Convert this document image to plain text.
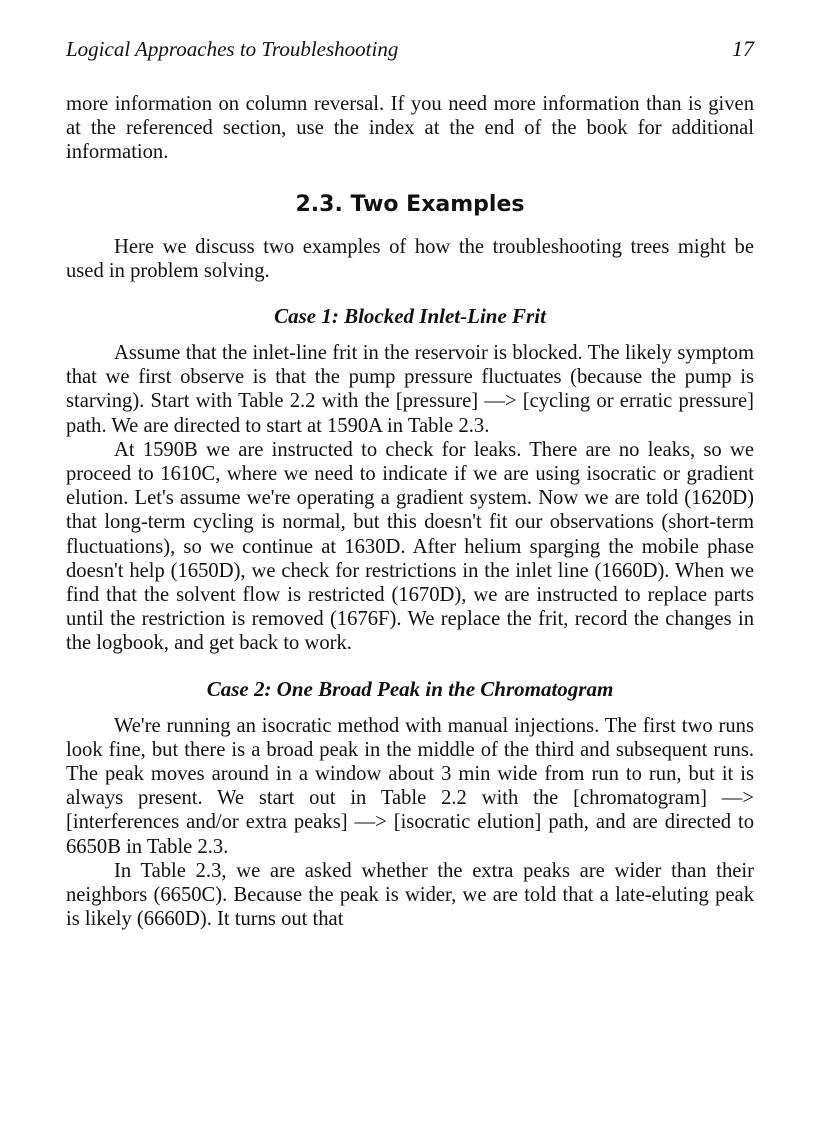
Logical Approaches to Troubleshooting	17

more information on column reversal. If you need more information than is given at the referenced section, use the index at the end of the book for additional information.

2.3. Two Examples

Here we discuss two examples of how the troubleshooting trees might be used in problem solving.

Case 1: Blocked Inlet-Line Frit

Assume that the inlet-line frit in the reservoir is blocked. The likely symptom that we first observe is that the pump pressure fluctuates (because the pump is starving). Start with Table 2.2 with the [pressure] —> [cycling or erratic pressure] path. We are directed to start at 1590A in Table 2.3.

At 1590B we are instructed to check for leaks. There are no leaks, so we proceed to 1610C, where we need to indicate if we are using isocratic or gradient elution. Let's assume we're operating a gradient system. Now we are told (1620D) that long-term cycling is normal, but this doesn't fit our observations (short-term fluctuations), so we continue at 1630D. After helium sparging the mobile phase doesn't help (1650D), we check for restrictions in the inlet line (1660D). When we find that the solvent flow is restricted (1670D), we are instructed to replace parts until the restriction is removed (1676F). We replace the frit, record the changes in the logbook, and get back to work.

Case 2: One Broad Peak in the Chromatogram

We're running an isocratic method with manual injections. The first two runs look fine, but there is a broad peak in the middle of the third and subsequent runs. The peak moves around in a window about 3 min wide from run to run, but it is always present. We start out in Table 2.2 with the [chromatogram] —> [interferences and/or extra peaks] —> [isocratic elution] path, and are directed to 6650B in Table 2.3.

In Table 2.3, we are asked whether the extra peaks are wider than their neighbors (6650C). Because the peak is wider, we are told that a late-eluting peak is likely (6660D). It turns out that
